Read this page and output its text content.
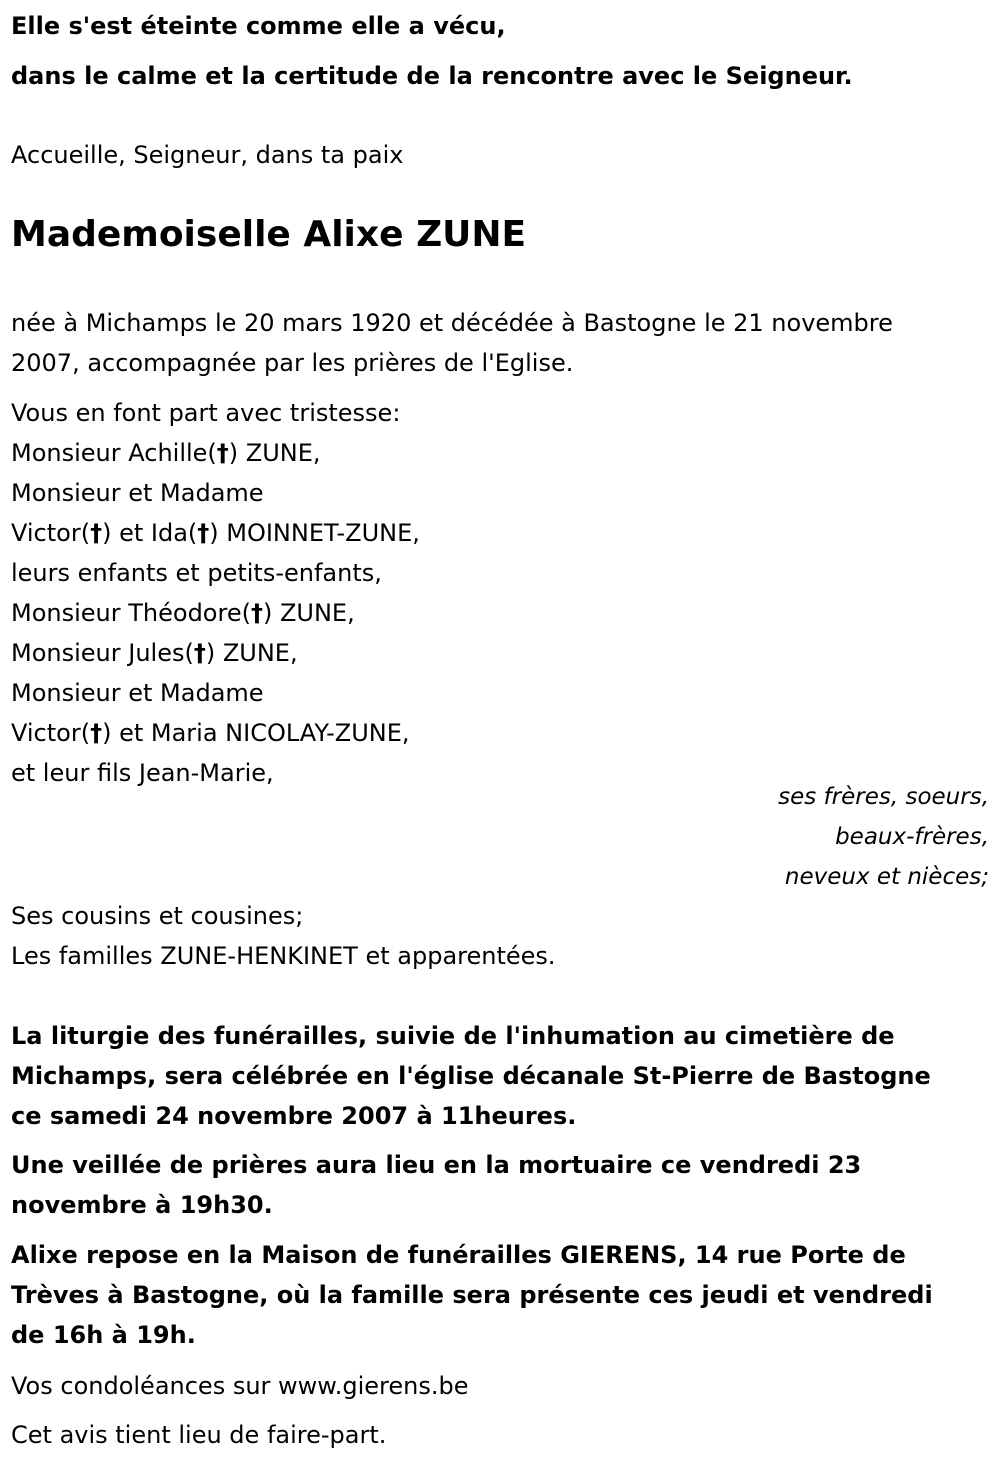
Elle s'est éteinte comme elle a vécu,
dans le calme et la certitude de la rencontre avec le Seigneur.
Accueille, Seigneur, dans ta paix
Mademoiselle Alixe ZUNE
née à Michamps le 20 mars 1920 et décédée à Bastogne le 21 novembre
2007, accompagnée par les prières de l'Eglise.
Vous en font part avec tristesse:
Monsieur Achille(†) ZUNE,
Monsieur et Madame
Victor(†) et Ida(†) MOINNET-ZUNE,
leurs enfants et petits-enfants,
Monsieur Théodore(†) ZUNE,
Monsieur Jules(†) ZUNE,
Monsieur et Madame
Victor(†) et Maria NICOLAY-ZUNE,
et leur fils Jean-Marie,
ses frères, soeurs,
beaux-frères,
neveux et nièces;
Ses cousins et cousines;
Les familles ZUNE-HENKINET et apparentées.
La liturgie des funérailles, suivie de l'inhumation au cimetière de
Michamps, sera célébrée en l'église décanale St-Pierre de Bastogne
ce samedi 24 novembre 2007 à 11heures.
Une veillée de prières aura lieu en la mortuaire ce vendredi 23
novembre à 19h30.
Alixe repose en la Maison de funérailles GIERENS, 14 rue Porte de
Trèves à Bastogne, où la famille sera présente ces jeudi et vendredi
de 16h à 19h.
Vos condoléances sur www.gierens.be
Cet avis tient lieu de faire-part.
